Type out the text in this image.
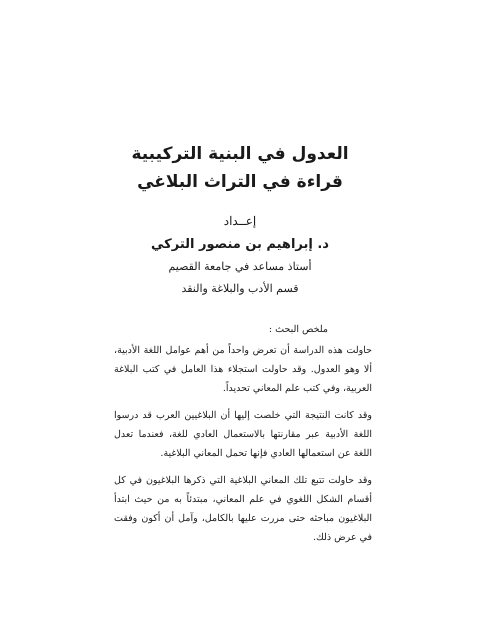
العدول في البنية التركيبية

قراءة في التراث البلاغي

إعــداد

د. إبراهيم بن منصور التركي

أستاذ مساعد في جامعة القصيم

قسم الأدب والبلاغة والنقد

ملخص البحث :

حاولت هذه الدراسة أن تعرض واحداً من أهم عوامل اللغة الأدبية، ألا وهو العدول. وقد حاولت استجلاء هذا العامل في كتب البلاغة العربية، وفي كتب علم المعاني تحديداً.

وقد كانت النتيجة التي خلصت إليها أن البلاغيين العرب قد درسوا اللغة الأدبية عبر مقارنتها بالاستعمال العادي للغة، فعندما تعدل اللغة عن استعمالها العادي فإنها تحمل المعاني البلاغية.

وقد حاولت تتبع تلك المعاني البلاغية التي ذكرها البلاغيون في كل أقسام الشكل اللغوي في علم المعاني، مبتدئاً به من حيث ابتدأ البلاغيون مباحثه حتى مررت عليها بالكامل، وآمل أن أكون وفقت في عرض ذلك.
